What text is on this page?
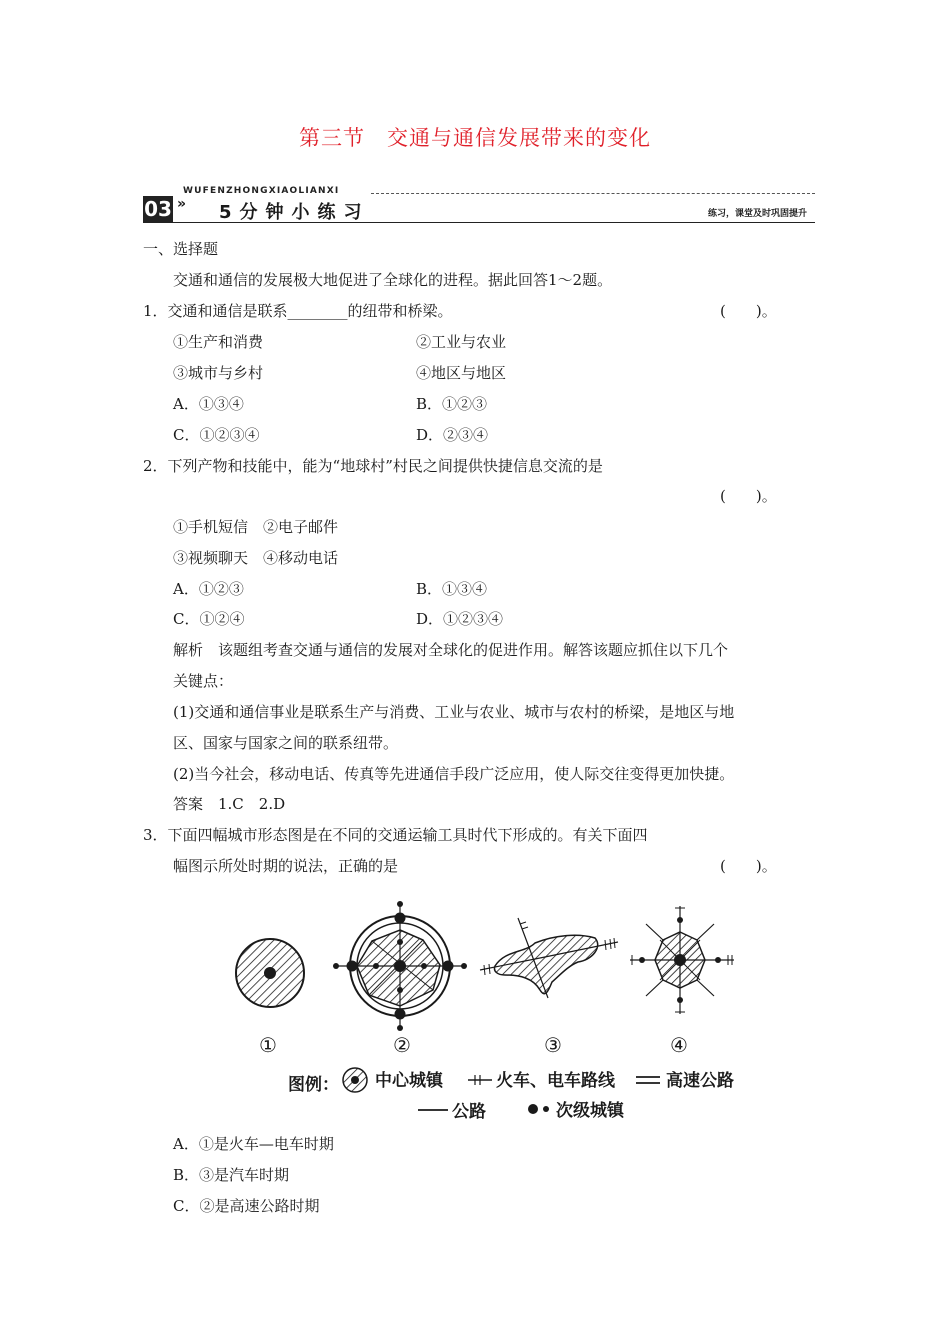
第三节　交通与通信发展带来的变化
03 »
WUFENZHONGXIAOLIANXI
5分钟小练习	练习，课堂及时巩固提升
一、选择题
交通和通信的发展极大地促进了全球化的进程。据此回答1～2题。
1．交通和通信是联系________的纽带和桥梁。	(　　)。
①生产和消费	②工业与农业
③城市与乡村	④地区与地区
A．①③④	B．①②③
C．①②③④	D．②③④
2．下列产物和技能中，能为“地球村”村民之间提供快捷信息交流的是
(　　)。
①手机短信　②电子邮件
③视频聊天　④移动电话
A．①②③	B．①③④
C．①②④	D．①②③④
解析　该题组考查交通与通信的发展对全球化的促进作用。解答该题应抓住以下几个
关键点：
(1)交通和通信事业是联系生产与消费、工业与农业、城市与农村的桥梁，是地区与地
区、国家与国家之间的联系纽带。
(2)当今社会，移动电话、传真等先进通信手段广泛应用，使人际交往变得更加快捷。
答案　1.C　2.D
3．下面四幅城市形态图是在不同的交通运输工具时代下形成的。有关下面四
幅图示所处时期的说法，正确的是	(　　)。
①	②	③	④
图例： 中心城镇	火车、电车路线	高速公路
公路	次级城镇
A．①是火车—电车时期
B．③是汽车时期
C．②是高速公路时期
